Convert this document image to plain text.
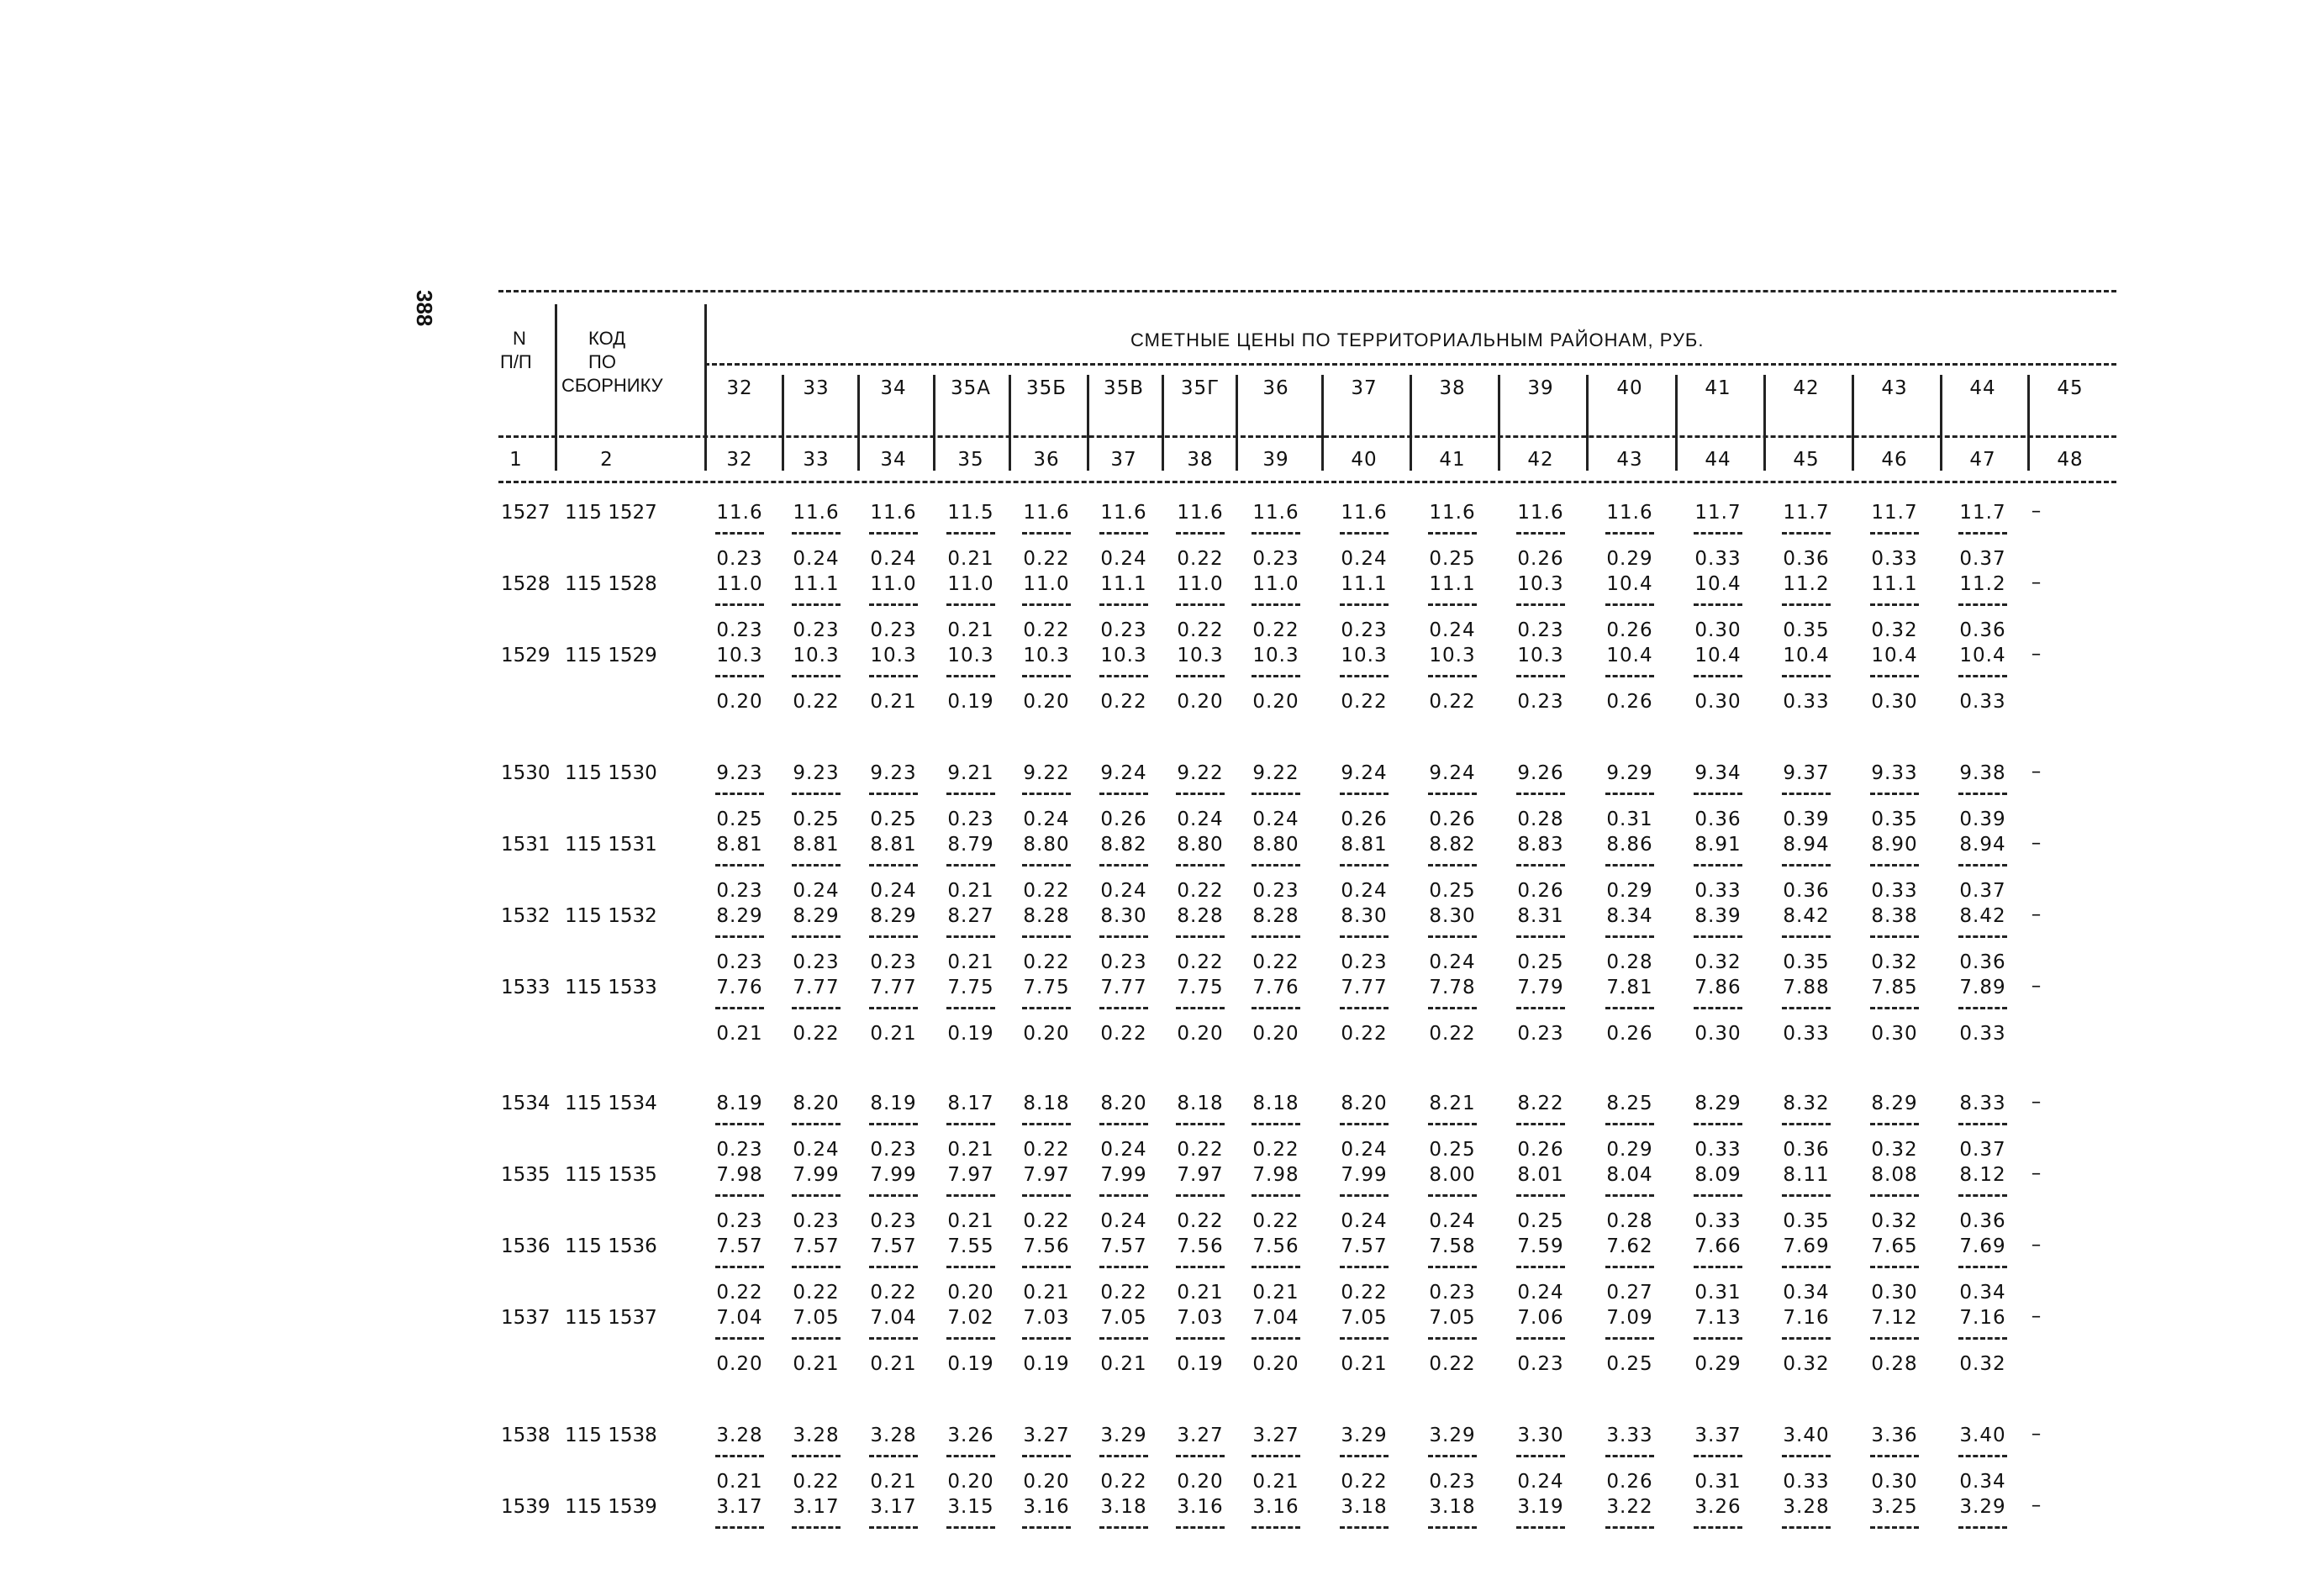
388
N
П/П
КОД
ПО
СБОРНИКУ
СМЕТНЫЕ ЦЕНЫ ПО ТЕРРИТОРИАЛЬНЫМ РАЙОНАМ, РУБ.
32	33	34 35А 35Б 35В 35Г 36	37	38	39	40	41	42	43	44	45
1	2	32	33	34	35	36	37	38	39	40	41	42	43	44	45	46	47	48
1527 115 1527	11.6 11.6 11.6 11.5 11.6 11.6 11.6 11.6 11.6 11.6 11.6 11.6 11.7 11.7 11.7 11.7 –
0.23 0.24 0.24 0.21 0.22 0.24 0.22 0.23 0.24 0.25 0.26 0.29 0.33 0.36 0.33 0.37
1528 115 1528	11.0 11.1 11.0 11.0 11.0 11.1 11.0 11.0 11.1 11.1 10.3 10.4 10.4 11.2 11.1 11.2 –
0.23 0.23 0.23 0.21 0.22 0.23 0.22 0.22 0.23 0.24 0.23 0.26 0.30 0.35 0.32 0.36
1529 115 1529	10.3 10.3 10.3 10.3 10.3 10.3 10.3 10.3 10.3 10.3 10.3 10.4 10.4 10.4 10.4 10.4 –
0.20 0.22 0.21 0.19 0.20 0.22 0.20 0.20 0.22 0.22 0.23 0.26 0.30 0.33 0.30 0.33
1530 115 1530	9.23 9.23 9.23 9.21 9.22 9.24 9.22 9.22 9.24 9.24 9.26 9.29 9.34 9.37 9.33 9.38 –
0.25 0.25 0.25 0.23 0.24 0.26 0.24 0.24 0.26 0.26 0.28 0.31 0.36 0.39 0.35 0.39
1531 115 1531	8.81 8.81 8.81 8.79 8.80 8.82 8.80 8.80 8.81 8.82 8.83 8.86 8.91 8.94 8.90 8.94 –
0.23 0.24 0.24 0.21 0.22 0.24 0.22 0.23 0.24 0.25 0.26 0.29 0.33 0.36 0.33 0.37
1532 115 1532	8.29 8.29 8.29 8.27 8.28 8.30 8.28 8.28 8.30 8.30 8.31 8.34 8.39 8.42 8.38 8.42 –
0.23 0.23 0.23 0.21 0.22 0.23 0.22 0.22 0.23 0.24 0.25 0.28 0.32 0.35 0.32 0.36
1533 115 1533	7.76 7.77 7.77 7.75 7.75 7.77 7.75 7.76 7.77 7.78 7.79 7.81 7.86 7.88 7.85 7.89 –
0.21 0.22 0.21 0.19 0.20 0.22 0.20 0.20 0.22 0.22 0.23 0.26 0.30 0.33 0.30 0.33
1534 115 1534	8.19 8.20 8.19 8.17 8.18 8.20 8.18 8.18 8.20 8.21 8.22 8.25 8.29 8.32 8.29 8.33 –
0.23 0.24 0.23 0.21 0.22 0.24 0.22 0.22 0.24 0.25 0.26 0.29 0.33 0.36 0.32 0.37
1535 115 1535	7.98 7.99 7.99 7.97 7.97 7.99 7.97 7.98 7.99 8.00 8.01 8.04 8.09 8.11 8.08 8.12 –
0.23 0.23 0.23 0.21 0.22 0.24 0.22 0.22 0.24 0.24 0.25 0.28 0.33 0.35 0.32 0.36
1536 115 1536	7.57 7.57 7.57 7.55 7.56 7.57 7.56 7.56 7.57 7.58 7.59 7.62 7.66 7.69 7.65 7.69 –
0.22 0.22 0.22 0.20 0.21 0.22 0.21 0.21 0.22 0.23 0.24 0.27 0.31 0.34 0.30 0.34
1537 115 1537	7.04 7.05 7.04 7.02 7.03 7.05 7.03 7.04 7.05 7.05 7.06 7.09 7.13 7.16 7.12 7.16 –
0.20 0.21 0.21 0.19 0.19 0.21 0.19 0.20 0.21 0.22 0.23 0.25 0.29 0.32 0.28 0.32
1538 115 1538	3.28 3.28 3.28 3.26 3.27 3.29 3.27 3.27 3.29 3.29 3.30 3.33 3.37 3.40 3.36 3.40 –
0.21 0.22 0.21 0.20 0.20 0.22 0.20 0.21 0.22 0.23 0.24 0.26 0.31 0.33 0.30 0.34
1539 115 1539	3.17 3.17 3.17 3.15 3.16 3.18 3.16 3.16 3.18 3.18 3.19 3.22 3.26 3.28 3.25 3.29 –
